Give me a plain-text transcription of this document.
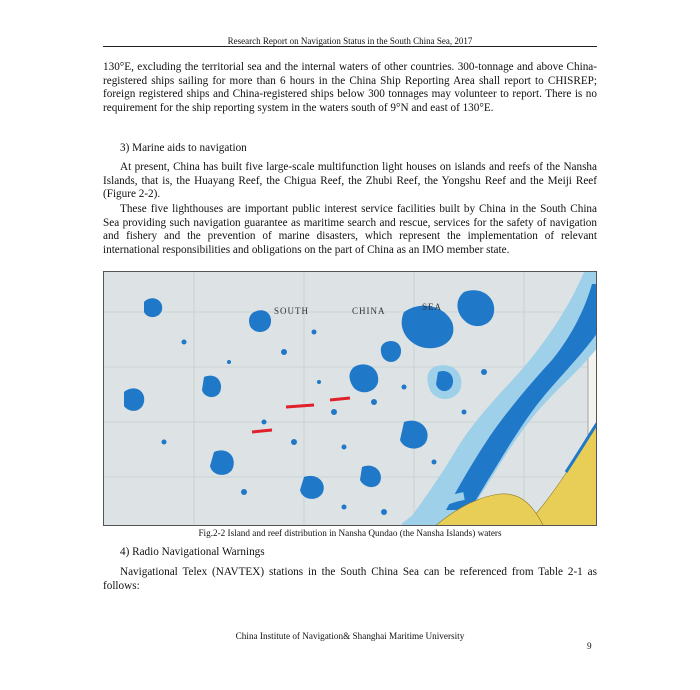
Research Report on Navigation Status in the South China Sea, 2017

130°E, excluding the territorial sea and the internal waters of other countries. 300-tonnage and above China-registered ships sailing for more than 6 hours in the China Ship Reporting Area shall report to CHISREP; foreign registered ships and China-registered ships below 300 tonnages may volunteer to report. There is no requirement for the ship reporting system in the waters south of 9°N and east of 130°E.

3) Marine aids to navigation

At present, China has built five large-scale multifunction light houses on islands and reefs of the Nansha Islands, that is, the Huayang Reef, the Chigua Reef, the Zhubi Reef, the Yongshu Reef and the Meiji Reef (Figure 2-2).

These five lighthouses are important public interest service facilities built by China in the South China Sea providing such navigation guarantee as maritime search and rescue, services for the safety of navigation and fishery and the prevention of marine disasters, which represent the implementation of relevant international responsibilities and obligations on the part of China as an IMO member state.

SOUTH	CHINA	SEA
Fig.2-2 Island and reef distribution in Nansha Qundao (the Nansha Islands) waters
4) Radio Navigational Warnings

Navigational Telex (NAVTEX) stations in the South China Sea can be referenced from Table 2-1 as follows:

China Institute of Navigation& Shanghai Maritime University
9
